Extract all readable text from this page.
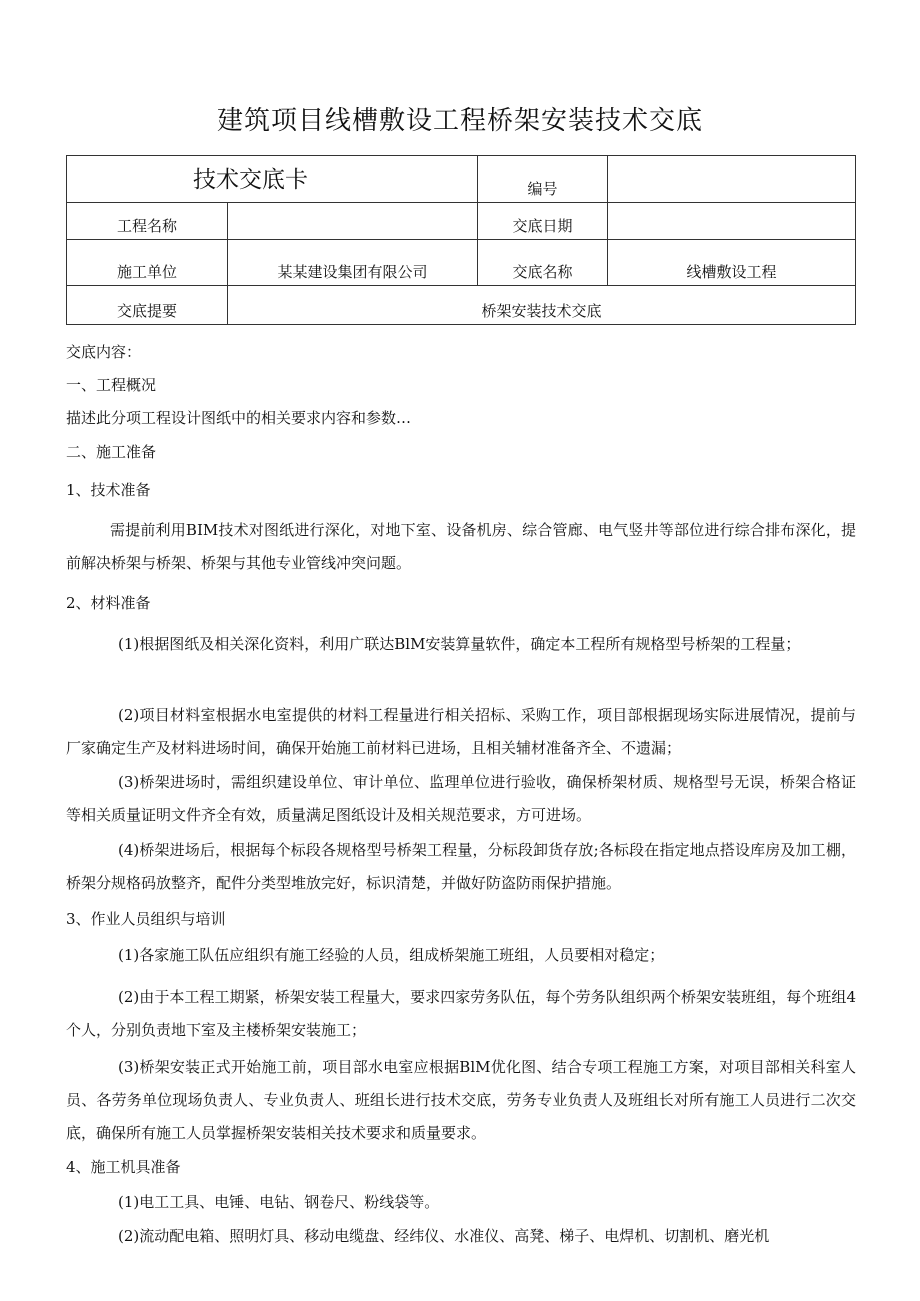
建筑项目线槽敷设工程桥架安装技术交底
技术交底卡		编号	
工程名称		交底日期	
施工单位	某某建设集团有限公司	交底名称	线槽敷设工程
交底提要	桥架安装技术交底		
交底内容：
一、工程概况
描述此分项工程设计图纸中的相关要求内容和参数…
二、施工准备
1、技术准备
需提前利用BIM技术对图纸进行深化，对地下室、设备机房、综合管廊、电气竖井等部位进行综合排布深化，提前解决桥架与桥架、桥架与其他专业管线冲突问题。
2、材料准备
(1)根据图纸及相关深化资料，利用广联达BlM安装算量软件，确定本工程所有规格型号桥架的工程量；
(2)项目材料室根据水电室提供的材料工程量进行相关招标、采购工作，项目部根据现场实际进展情况，提前与厂家确定生产及材料进场时间，确保开始施工前材料已进场，且相关辅材准备齐全、不遗漏；
(3)桥架进场时，需组织建设单位、审计单位、监理单位进行验收，确保桥架材质、规格型号无误，桥架合格证等相关质量证明文件齐全有效，质量满足图纸设计及相关规范要求，方可进场。
(4)桥架进场后，根据每个标段各规格型号桥架工程量，分标段卸货存放;各标段在指定地点搭设库房及加工棚，桥架分规格码放整齐，配件分类型堆放完好，标识清楚，并做好防盗防雨保护措施。
3、作业人员组织与培训
(1)各家施工队伍应组织有施工经验的人员，组成桥架施工班组，人员要相对稳定；
(2)由于本工程工期紧，桥架安装工程量大，要求四家劳务队伍，每个劳务队组织两个桥架安装班组，每个班组4个人，分别负责地下室及主楼桥架安装施工；
(3)桥架安装正式开始施工前，项目部水电室应根据BlM优化图、结合专项工程施工方案，对项目部相关科室人员、各劳务单位现场负责人、专业负责人、班组长进行技术交底，劳务专业负责人及班组长对所有施工人员进行二次交底，确保所有施工人员掌握桥架安装相关技术要求和质量要求。
4、施工机具准备
(1)电工工具、电锤、电钻、钢卷尺、粉线袋等。
(2)流动配电箱、照明灯具、移动电缆盘、经纬仪、水准仪、高凳、梯子、电焊机、切割机、磨光机
